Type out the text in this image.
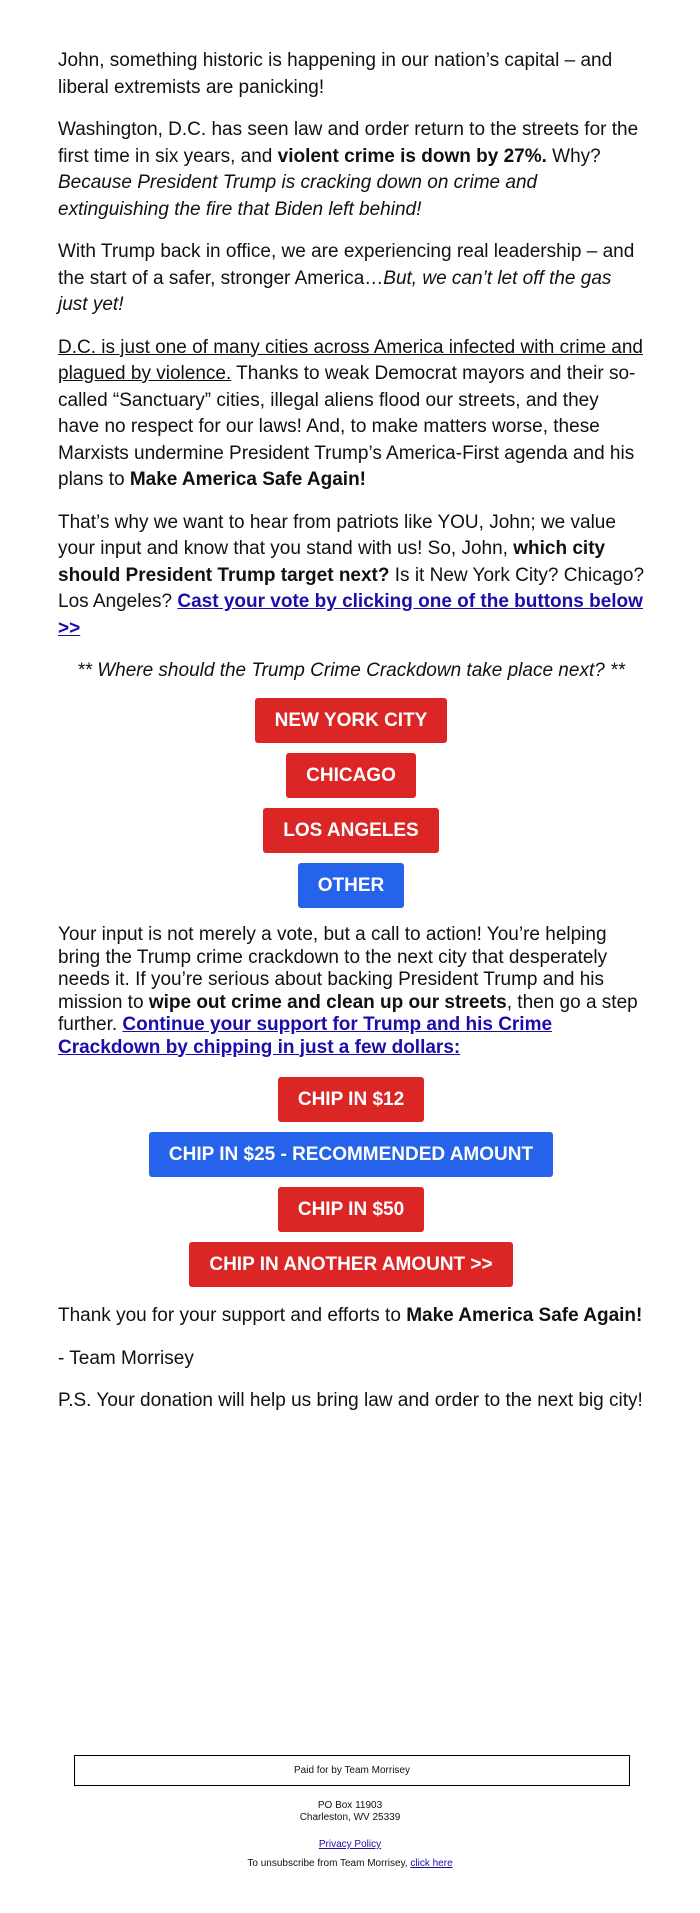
John, something historic is happening in our nation’s capital – and liberal extremists are panicking!

Washington, D.C. has seen law and order return to the streets for the first time in six years, and violent crime is down by 27%. Why? Because President Trump is cracking down on crime and extinguishing the fire that Biden left behind!

With Trump back in office, we are experiencing real leadership – and the start of a safer, stronger America…But, we can’t let off the gas just yet!

D.C. is just one of many cities across America infected with crime and plagued by violence. Thanks to weak Democrat mayors and their so-called “Sanctuary” cities, illegal aliens flood our streets, and they have no respect for our laws! And, to make matters worse, these Marxists undermine President Trump’s America-First agenda and his plans to Make America Safe Again!

That’s why we want to hear from patriots like YOU, John; we value your input and know that you stand with us! So, John, which city should President Trump target next? Is it New York City? Chicago? Los Angeles? Cast your vote by clicking one of the buttons below >>

** Where should the Trump Crime Crackdown take place next? **

NEW YORK CITY
CHICAGO
LOS ANGELES
OTHER

Your input is not merely a vote, but a call to action! You’re helping bring the Trump crime crackdown to the next city that desperately needs it. If you’re serious about backing President Trump and his mission to wipe out crime and clean up our streets, then go a step further. Continue your support for Trump and his Crime Crackdown by chipping in just a few dollars:

CHIP IN $12
CHIP IN $25 - RECOMMENDED AMOUNT
CHIP IN $50
CHIP IN ANOTHER AMOUNT >>

Thank you for your support and efforts to Make America Safe Again!

- Team Morrisey

P.S. Your donation will help us bring law and order to the next big city!

Paid for by Team Morrisey
PO Box 11903
Charleston, WV 25339
Privacy Policy
To unsubscribe from Team Morrisey, click here
